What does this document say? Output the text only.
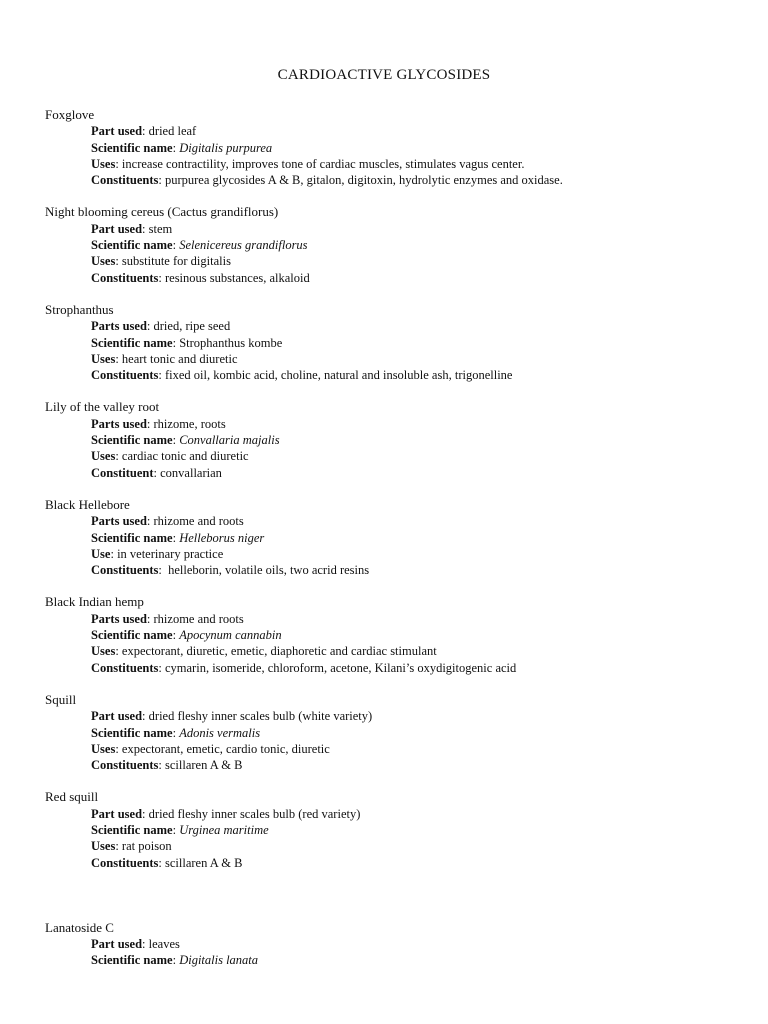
CARDIOACTIVE GLYCOSIDES
Foxglove
Part used: dried leaf
Scientific name: Digitalis purpurea
Uses: increase contractility, improves tone of cardiac muscles, stimulates vagus center.
Constituents: purpurea glycosides A & B, gitalon, digitoxin, hydrolytic enzymes and oxidase.
Night blooming cereus (Cactus grandiflorus)
Part used: stem
Scientific name: Selenicereus grandiflorus
Uses: substitute for digitalis
Constituents: resinous substances, alkaloid
Strophanthus
Parts used: dried, ripe seed
Scientific name: Strophanthus kombe
Uses: heart tonic and diuretic
Constituents: fixed oil, kombic acid, choline, natural and insoluble ash, trigonelline
Lily of the valley root
Parts used: rhizome, roots
Scientific name: Convallaria majalis
Uses: cardiac tonic and diuretic
Constituent: convallarian
Black Hellebore
Parts used: rhizome and roots
Scientific name: Helleborus niger
Use: in veterinary practice
Constituents:  helleborin, volatile oils, two acrid resins
Black Indian hemp
Parts used: rhizome and roots
Scientific name: Apocynum cannabin
Uses: expectorant, diuretic, emetic, diaphoretic and cardiac stimulant
Constituents: cymarin, isomeride, chloroform, acetone, Kilani’s oxydigitogenic acid
Squill
Part used: dried fleshy inner scales bulb (white variety)
Scientific name: Adonis vermalis
Uses: expectorant, emetic, cardio tonic, diuretic
Constituents: scillaren A & B
Red squill
Part used: dried fleshy inner scales bulb (red variety)
Scientific name: Urginea maritime
Uses: rat poison
Constituents: scillaren A & B
Lanatoside C
Part used: leaves
Scientific name: Digitalis lanata
